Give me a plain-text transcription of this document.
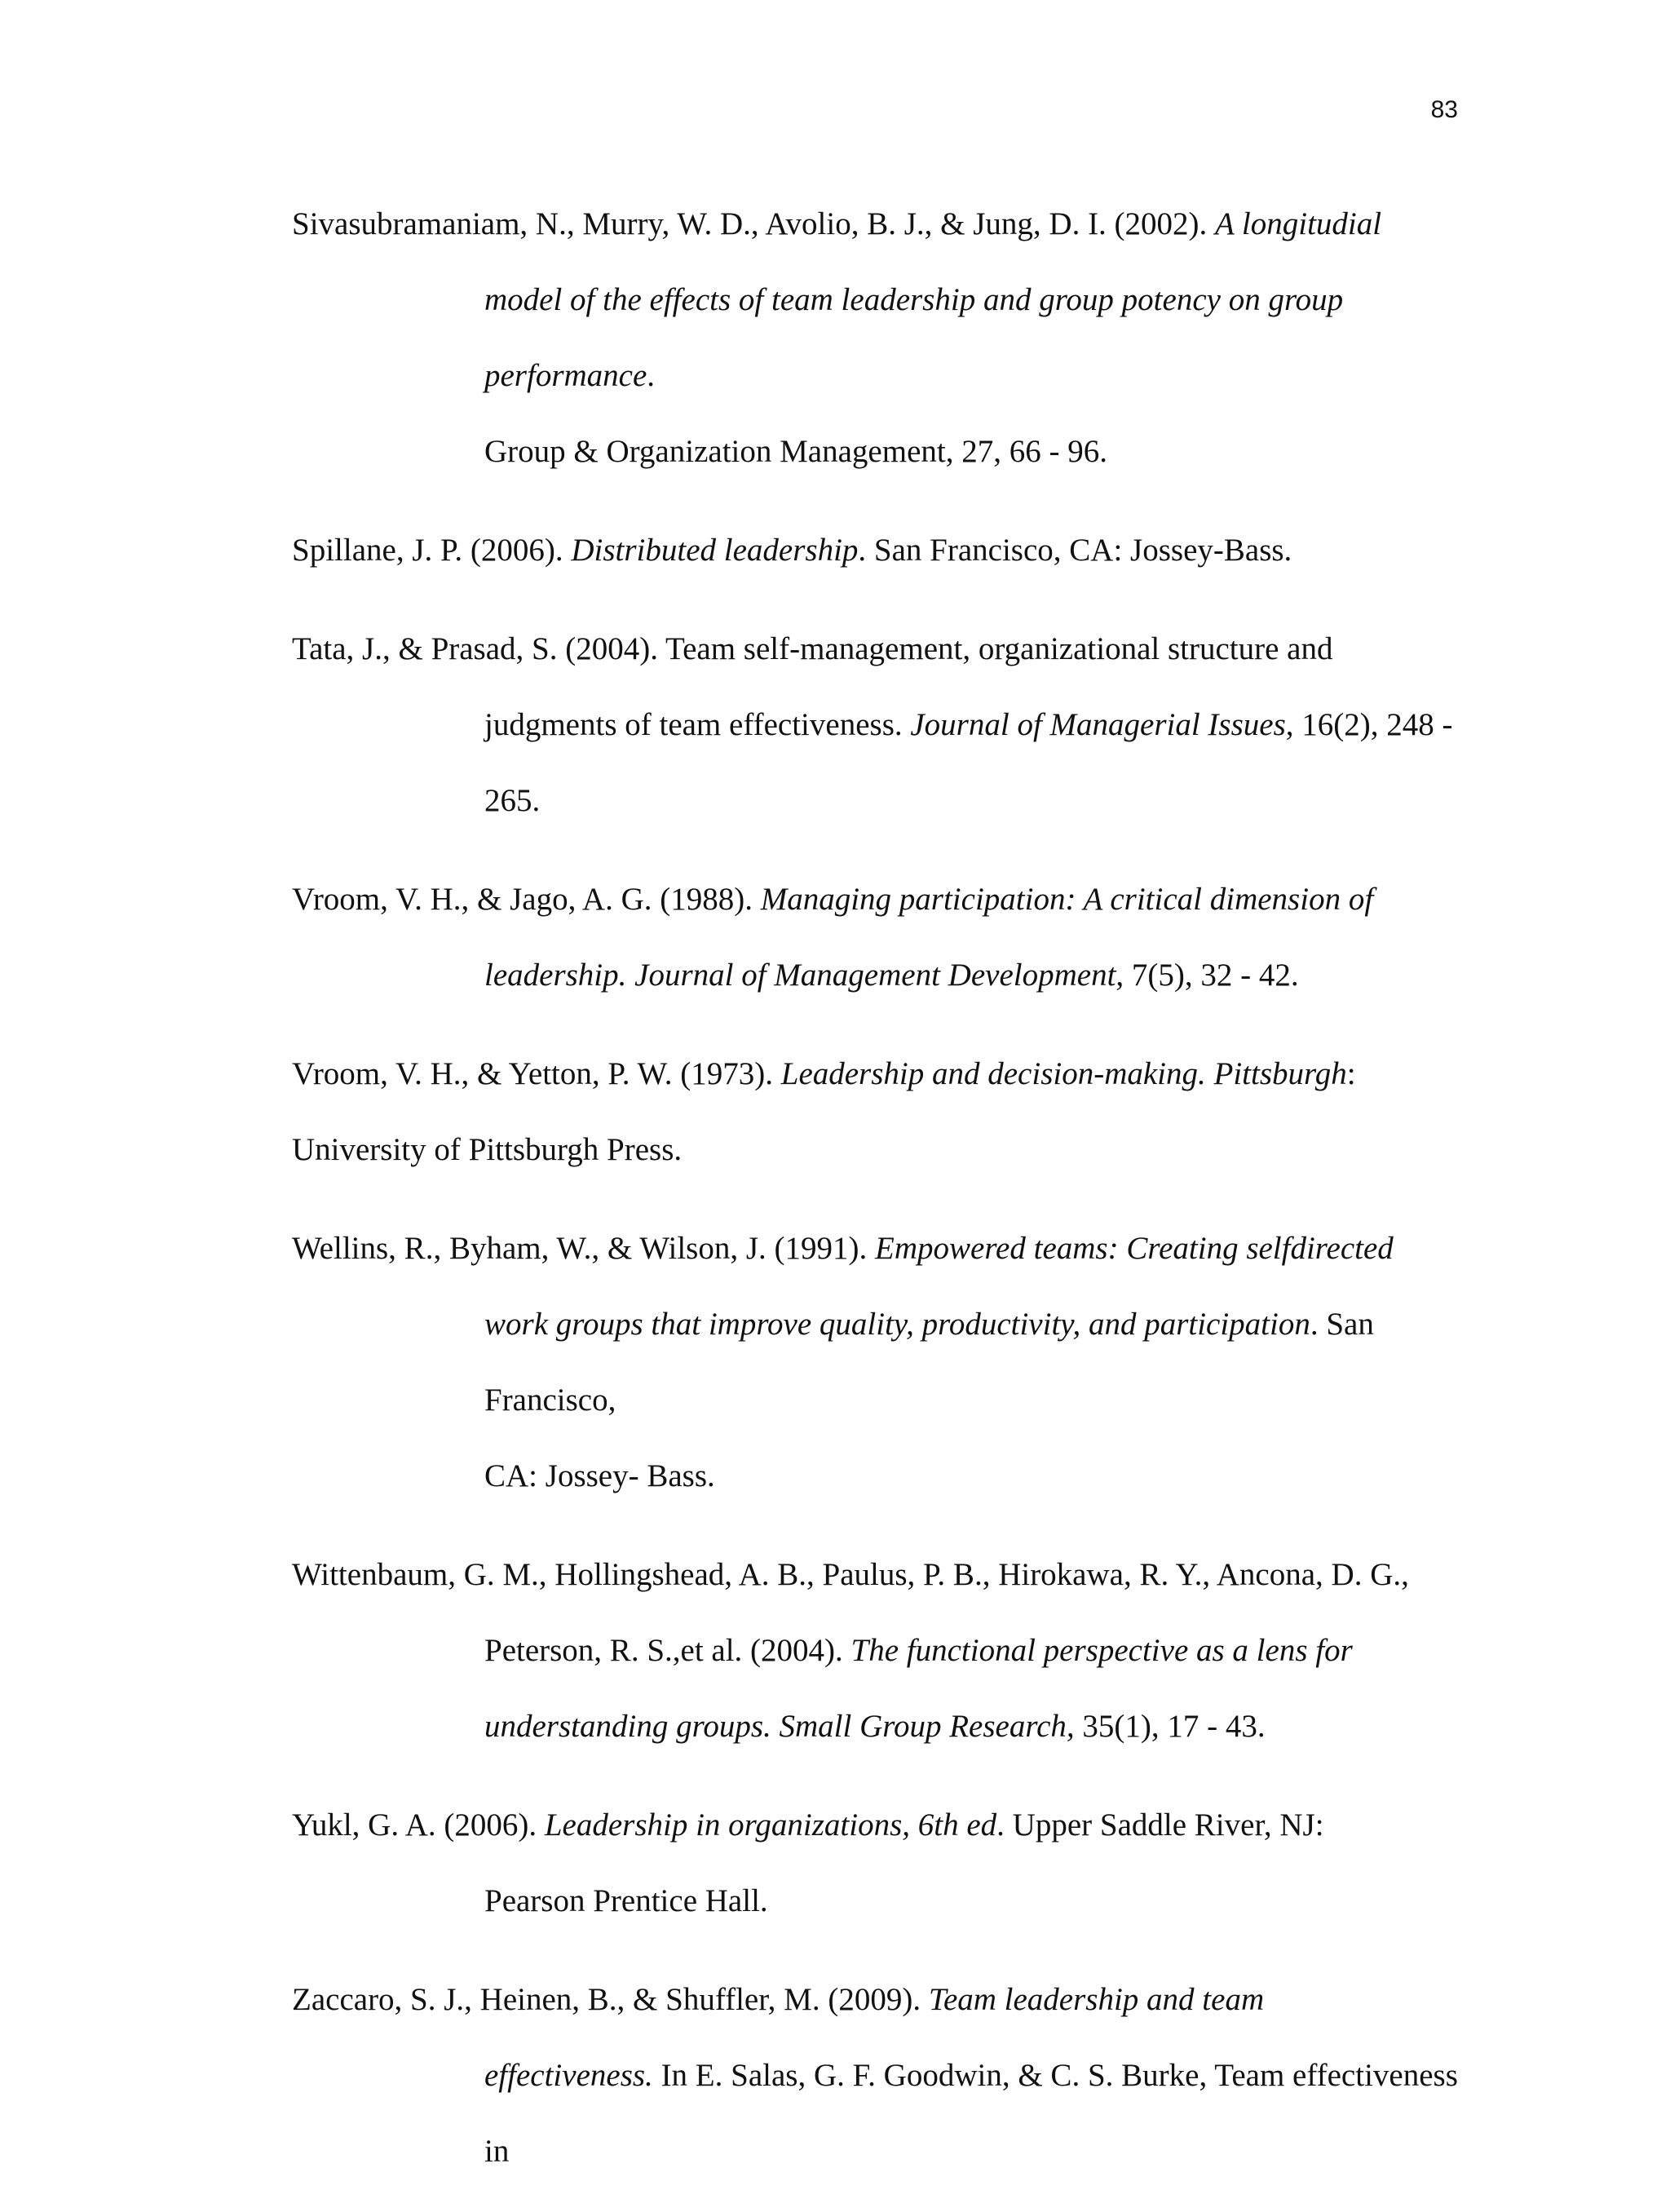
83
Sivasubramaniam, N., Murry, W. D., Avolio, B. J., & Jung, D. I. (2002). A longitudial
model of the effects of team leadership and group potency on group performance.
Group & Organization Management, 27, 66 - 96.
Spillane, J. P. (2006). Distributed leadership. San Francisco, CA: Jossey-Bass.
Tata, J., & Prasad, S. (2004). Team self-management, organizational structure and
judgments of team effectiveness. Journal of Managerial Issues, 16(2), 248 - 265.
Vroom, V. H., & Jago, A. G. (1988). Managing participation: A critical dimension of
leadership. Journal of Management Development, 7(5), 32 - 42.
Vroom, V. H., & Yetton, P. W. (1973). Leadership and decision-making. Pittsburgh:
University of Pittsburgh Press.
Wellins, R., Byham, W., & Wilson, J. (1991). Empowered teams: Creating selfdirected
work groups that improve quality, productivity, and participation. San Francisco,
CA: Jossey- Bass.
Wittenbaum, G. M., Hollingshead, A. B., Paulus, P. B., Hirokawa, R. Y., Ancona, D. G.,
Peterson, R. S.,et al. (2004). The functional perspective as a lens for
understanding groups. Small Group Research, 35(1), 17 - 43.
Yukl, G. A. (2006). Leadership in organizations, 6th ed. Upper Saddle River, NJ:
Pearson Prentice Hall.
Zaccaro, S. J., Heinen, B., & Shuffler, M. (2009). Team leadership and team
effectiveness. In E. Salas, G. F. Goodwin, & C. S. Burke, Team effectiveness in
